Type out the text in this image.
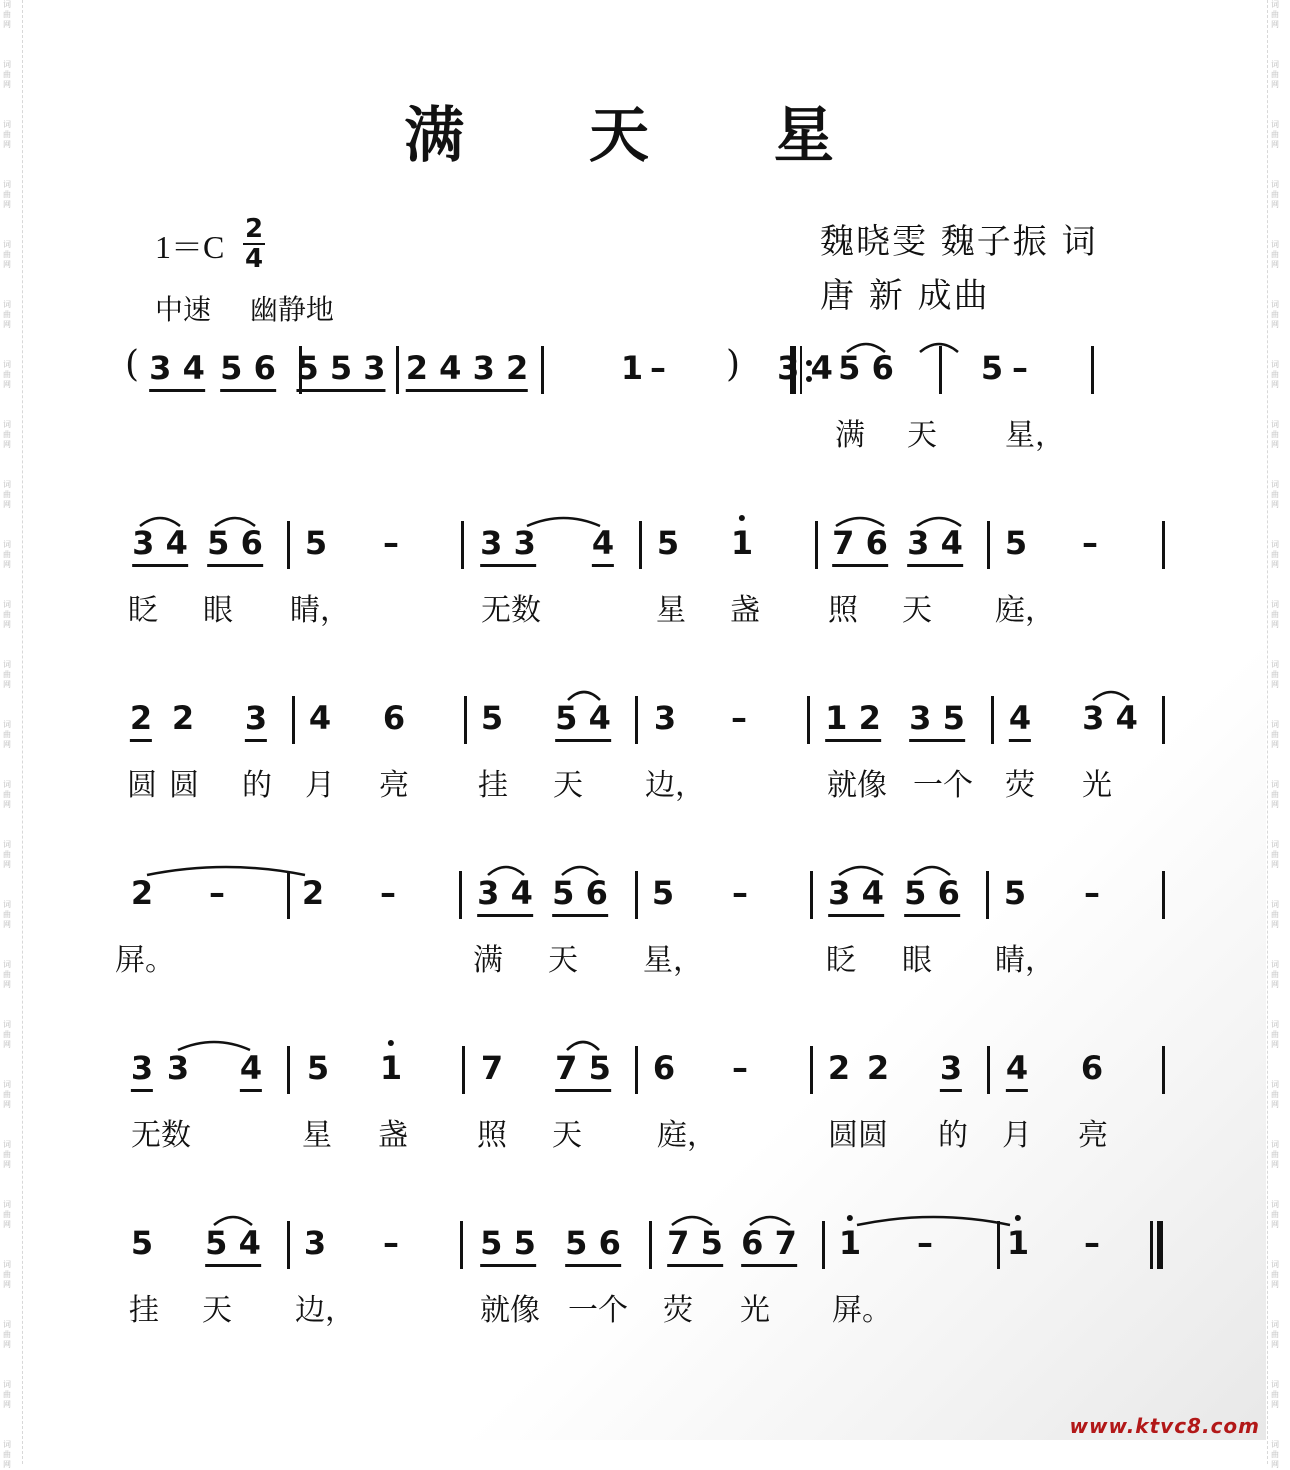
词曲网
词曲网
词曲网
词曲网
词曲网
词曲网
词曲网
词曲网
词曲网
词曲网
词曲网
词曲网
词曲网
词曲网
词曲网
词曲网
词曲网
词曲网
词曲网
词曲网
词曲网
词曲网
词曲网
词曲网
词曲网
词曲网
词曲网
词曲网
词曲网
词曲网
词曲网
词曲网
词曲网
词曲网
词曲网
词曲网
词曲网
词曲网
词曲网
词曲网
词曲网
词曲网
词曲网
词曲网
词曲网
词曲网
词曲网
词曲网
词曲网
词曲网
满 天 星
1＝C 2
4
中速 幽静地
魏晓雯 魏子振 词
唐 新 成曲
( 3 4 5 6 5 5 3 2 4 3 2	1 – ) 3 4 5 6	5 –
满 天 星，
3 4 5 6 5 –	3 3 4 5 1 7 6 3 4 5 –
眨 眼 睛，	无数	星 盏 照 天 庭，
2 2 3 4 6 5 5 4 3 – 1 2 3 5 4 3 4
圆 圆 的 月 亮 挂 天 边，	就像 一个 荧 光
2 – 2 –	3 4 5 6 5 –	3 4 5 6 5 –
屏。	满 天 星，	眨 眼 睛，
3 3 4 5 1 7 7 5 6 – 2 2 3 4 6
无数	星 盏 照 天	庭，	圆圆 的 月 亮
5 5 4 3 –	5 5 5 6 7 5 6 7 1 – 1 –
挂 天 边，	就像 一个 荧 光 屏。
www.ktvc8.com
